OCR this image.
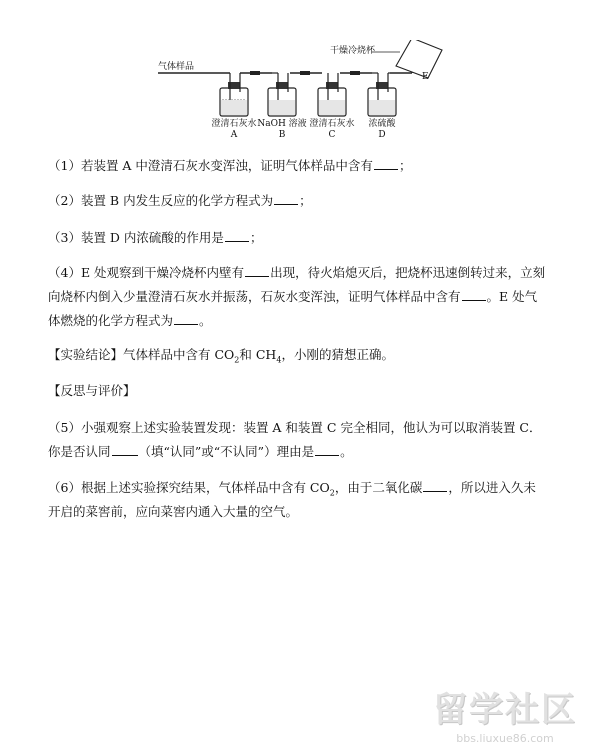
气体样品
干燥冷烧杯
E
澄清石灰水 NaOH 溶液 澄清石灰水 浓硫酸
A	B	C	D
（1）若装置 A 中澄清石灰水变浑浊，证明气体样品中含有 ；
（2）装置 B 内发生反应的化学方程式为 ；
（3）装置 D 内浓硫酸的作用是 ；
（4）E 处观察到干燥冷烧杯内壁有 出现，待火焰熄灭后，把烧杯迅速倒转过来，立刻向烧杯内倒入少量澄清石灰水并振荡，石灰水变浑浊，证明气体样品中含有 。E 处气体燃烧的化学方程式为 。
【实验结论】气体样品中含有 $CO_2$和 $CH_4$，小刚的猜想正确。
【反思与评价】
（5）小强观察上述实验装置发现：装置 A 和装置 C 完全相同，他认为可以取消装置 C．你是否认同 （填“认同”或“不认同”）理由是 。
（6）根据上述实验探究结果，气体样品中含有 $CO_2$，由于二氧化碳 ，所以进入久未开启的菜窖前，应向菜窖内通入大量的空气。
留学社区
bbs.liuxue86.com
